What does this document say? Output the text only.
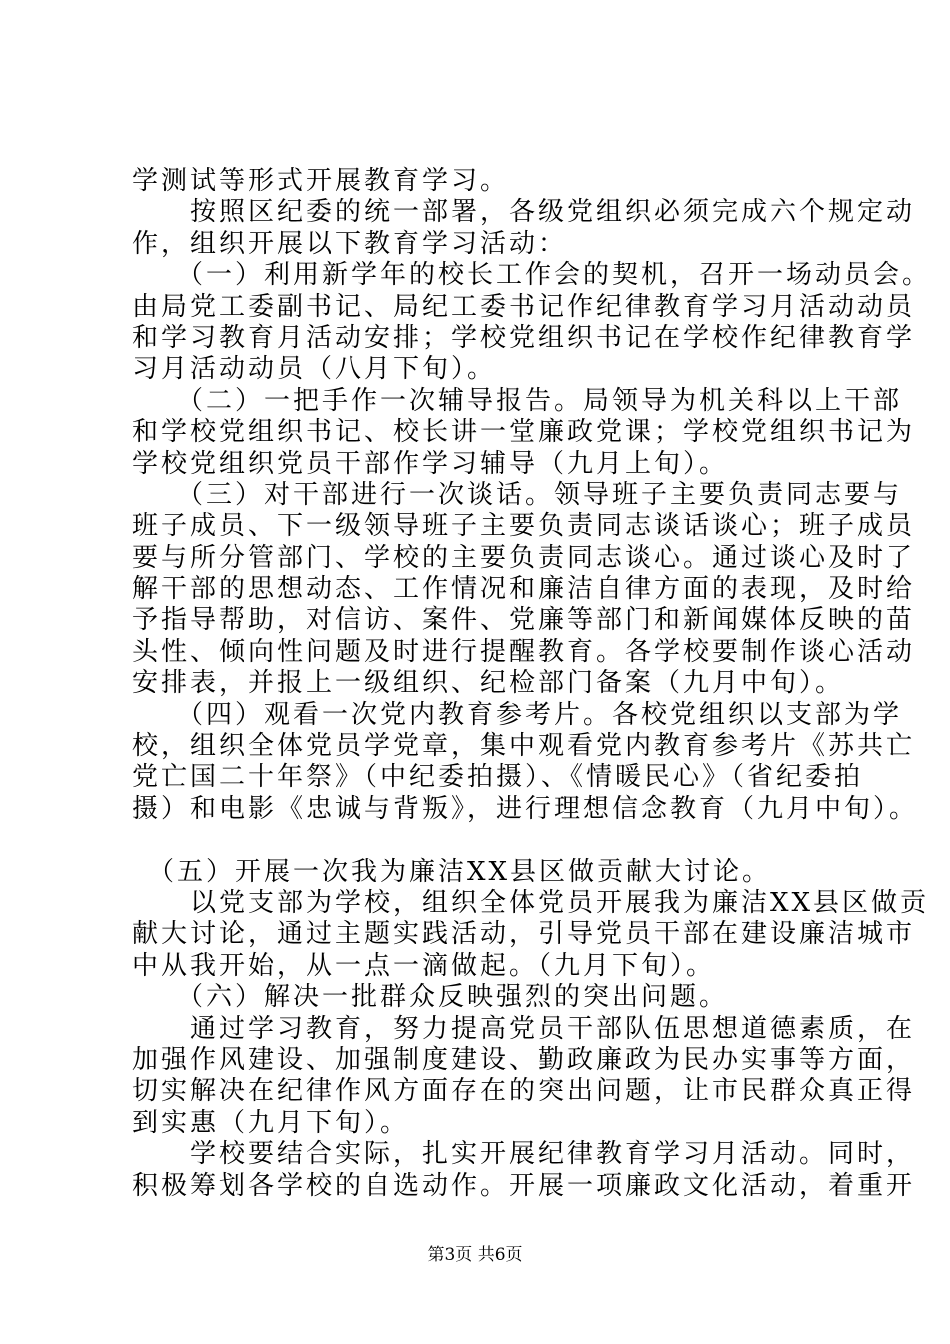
学测试等形式开展教育学习。
　　按照区纪委的统一部署，各级党组织必须完成六个规定动
作，组织开展以下教育学习活动：
　　（一）利用新学年的校长工作会的契机，召开一场动员会。
由局党工委副书记、局纪工委书记作纪律教育学习月活动动员
和学习教育月活动安排；学校党组织书记在学校作纪律教育学
习月活动动员（八月下旬）。
　　（二）一把手作一次辅导报告。局领导为机关科以上干部
和学校党组织书记、校长讲一堂廉政党课；学校党组织书记为
学校党组织党员干部作学习辅导（九月上旬）。
　　（三）对干部进行一次谈话。领导班子主要负责同志要与
班子成员、下一级领导班子主要负责同志谈话谈心；班子成员
要与所分管部门、学校的主要负责同志谈心。通过谈心及时了
解干部的思想动态、工作情况和廉洁自律方面的表现，及时给
予指导帮助，对信访、案件、党廉等部门和新闻媒体反映的苗
头性、倾向性问题及时进行提醒教育。各学校要制作谈心活动
安排表，并报上一级组织、纪检部门备案（九月中旬）。
　　（四）观看一次党内教育参考片。各校党组织以支部为学
校，组织全体党员学党章，集中观看党内教育参考片《苏共亡
党亡国二十年祭》（中纪委拍摄）、《情暖民心》（省纪委拍
摄）和电影《忠诚与背叛》，进行理想信念教育（九月中旬）。
　（五）开展一次我为廉洁XX县区做贡献大讨论。
　　以党支部为学校，组织全体党员开展我为廉洁XX县区做贡
献大讨论，通过主题实践活动，引导党员干部在建设廉洁城市
中从我开始，从一点一滴做起。（九月下旬）。
　　（六）解决一批群众反映强烈的突出问题。
　　通过学习教育，努力提高党员干部队伍思想道德素质，在
加强作风建设、加强制度建设、勤政廉政为民办实事等方面，
切实解决在纪律作风方面存在的突出问题，让市民群众真正得
到实惠（九月下旬）。
　　学校要结合实际，扎实开展纪律教育学习月活动。同时，
积极筹划各学校的自选动作。开展一项廉政文化活动，着重开
第3页 共6页
